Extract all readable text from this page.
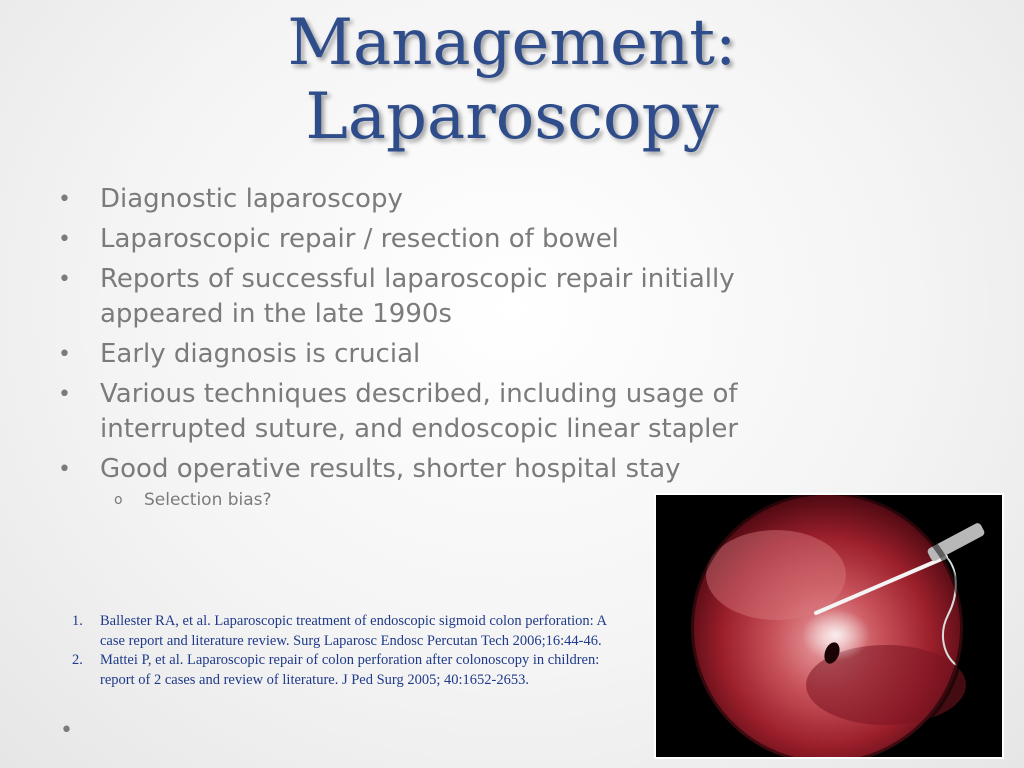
Management:
Laparoscopy
• Diagnostic laparoscopy
• Laparoscopic repair / resection of bowel
• Reports of successful laparoscopic repair initially appeared in the late 1990s
• Early diagnosis is crucial
• Various techniques described, including usage of interrupted suture, and endoscopic linear stapler
• Good operative results, shorter hospital stay
o Selection bias?
1. Ballester RA, et al. Laparoscopic treatment of endoscopic sigmoid colon perforation: A case report and literature review. Surg Laparosc Endosc Percutan Tech 2006;16:44-46.
2. Mattei P, et al. Laparoscopic repair of colon perforation after colonoscopy in children: report of 2 cases and review of literature. J Ped Surg 2005; 40:1652-2653.
•
